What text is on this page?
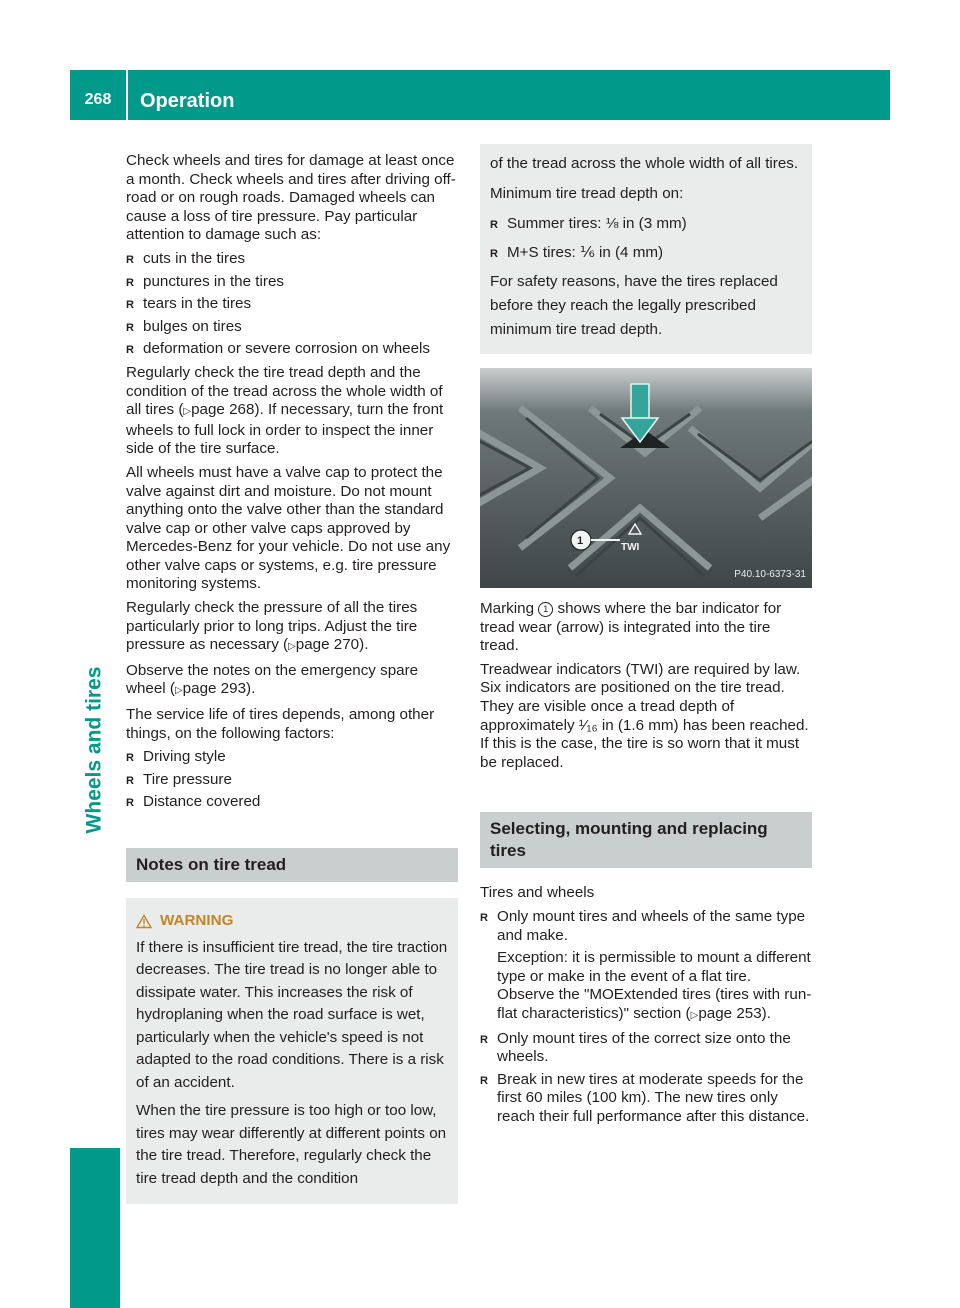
268	Operation
Wheels and tires

Check wheels and tires for damage at least once a month. Check wheels and tires after driving off-road or on rough roads. Damaged wheels can cause a loss of tire pressure. Pay particular attention to damage such as:

R cuts in the tires
R punctures in the tires
R tears in the tires
R bulges on tires
R deformation or severe corrosion on wheels

Regularly check the tire tread depth and the condition of the tread across the whole width of all tires (▷page 268). If necessary, turn the front wheels to full lock in order to inspect the inner side of the tire surface.

All wheels must have a valve cap to protect the valve against dirt and moisture. Do not mount anything onto the valve other than the standard valve cap or other valve caps approved by Mercedes-Benz for your vehicle. Do not use any other valve caps or systems, e.g. tire pressure monitoring systems.

Regularly check the pressure of all the tires particularly prior to long trips. Adjust the tire pressure as necessary (▷page 270).

Observe the notes on the emergency spare wheel (▷page 293).

The service life of tires depends, among other things, on the following factors:

R Driving style
R Tire pressure
R Distance covered
Notes on tire tread
WARNING

If there is insufficient tire tread, the tire traction decreases. The tire tread is no longer able to dissipate water. This increases the risk of hydroplaning when the road surface is wet, particularly when the vehicle's speed is not adapted to the road conditions. There is a risk of an accident.

When the tire pressure is too high or too low, tires may wear differently at different points on the tire tread. Therefore, regularly check the tire tread depth and the condition

of the tread across the whole width of all tires.

Minimum tire tread depth on:

R Summer tires: ⅛ in (3 mm)
R M+S tires: ⅙ in (4 mm)

For safety reasons, have the tires replaced before they reach the legally prescribed minimum tire tread depth.

1
TWI
P40.10-6373-31

Marking 1 shows where the bar indicator for tread wear (arrow) is integrated into the tire tread.

Treadwear indicators (TWI) are required by law. Six indicators are positioned on the tire tread. They are visible once a tread depth of approximately ¹⁄₁₆ in (1.6 mm) has been reached. If this is the case, the tire is so worn that it must be replaced.

Selecting, mounting and replacing tires

Tires and wheels

R Only mount tires and wheels of the same type and make.

Exception: it is permissible to mount a different type or make in the event of a flat tire. Observe the "MOExtended tires (tires with run-flat characteristics)" section (▷page 253).

R Only mount tires of the correct size onto the wheels.
R Break in new tires at moderate speeds for the first 60 miles (100 km). The new tires only reach their full performance after this distance.
